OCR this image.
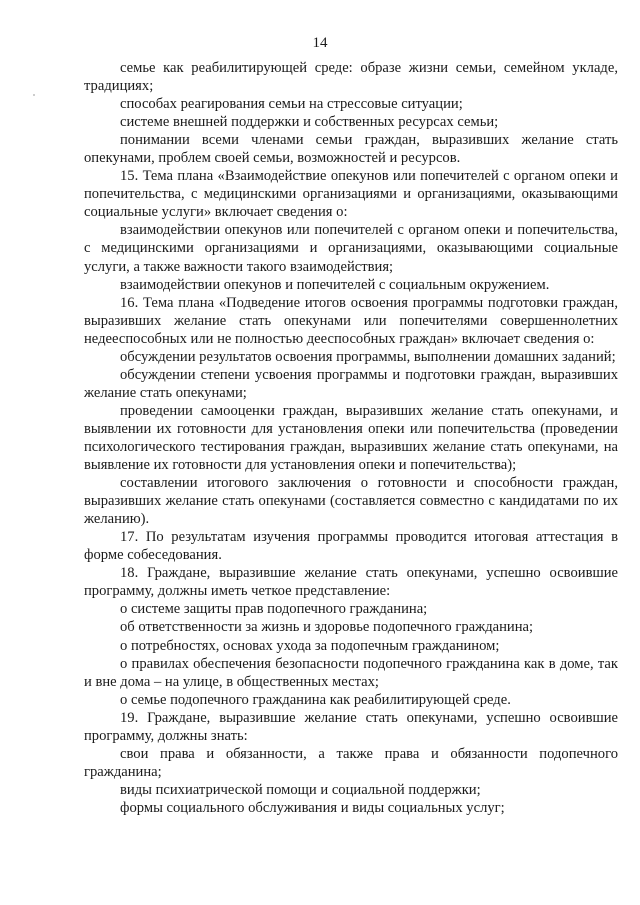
14

семье как реабилитирующей среде: образе жизни семьи, семейном укладе, традициях;

способах реагирования семьи на стрессовые ситуации;

системе внешней поддержки и собственных ресурсах семьи;

понимании всеми членами семьи граждан, выразивших желание стать опекунами, проблем своей семьи, возможностей и ресурсов.

15. Тема плана «Взаимодействие опекунов или попечителей с органом опеки и попечительства, с медицинскими организациями и организациями, оказывающими социальные услуги» включает сведения о:

взаимодействии опекунов или попечителей с органом опеки и попечительства, с медицинскими организациями и организациями, оказывающими социальные услуги, а также важности такого взаимодействия;

взаимодействии опекунов и попечителей с социальным окружением.

16. Тема плана «Подведение итогов освоения программы подготовки граждан, выразивших желание стать опекунами или попечителями совершеннолетних недееспособных или не полностью дееспособных граждан» включает сведения о:

обсуждении результатов освоения программы, выполнении домашних заданий;

обсуждении степени усвоения программы и подготовки граждан, выразивших желание стать опекунами;

проведении самооценки граждан, выразивших желание стать опекунами, и выявлении их готовности для установления опеки или попечительства (проведении психологического тестирования граждан, выразивших желание стать опекунами, на выявление их готовности для установления опеки и попечительства);

составлении итогового заключения о готовности и способности граждан, выразивших желание стать опекунами (составляется совместно с кандидатами по их желанию).

17. По результатам изучения программы проводится итоговая аттестация в форме собеседования.

18. Граждане, выразившие желание стать опекунами, успешно освоившие программу, должны иметь четкое представление:

о системе защиты прав подопечного гражданина;

об ответственности за жизнь и здоровье подопечного гражданина;

о потребностях, основах ухода за подопечным гражданином;

о правилах обеспечения безопасности подопечного гражданина как в доме, так и вне дома – на улице, в общественных местах;

о семье подопечного гражданина как реабилитирующей среде.

19. Граждане, выразившие желание стать опекунами, успешно освоившие программу, должны знать:

свои права и обязанности, а также права и обязанности подопечного гражданина;

виды психиатрической помощи и социальной поддержки;

формы социального обслуживания и виды социальных услуг;
